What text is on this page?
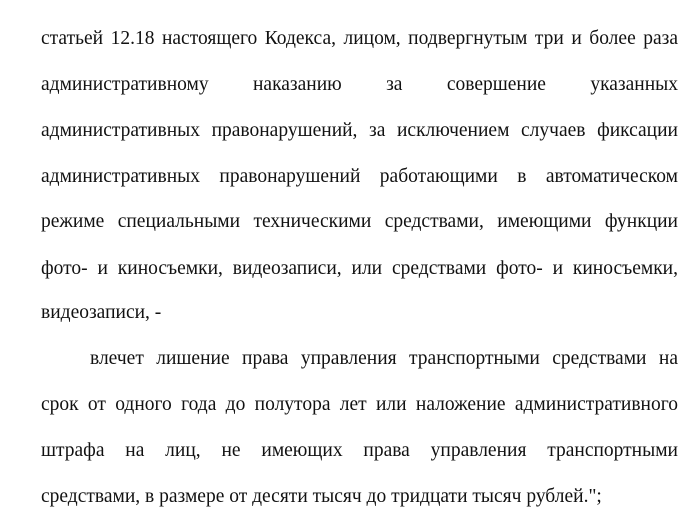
статьей 12.18 настоящего Кодекса, лицом, подвергнутым три и более раза
административному наказанию за совершение указанных
административных правонарушений, за исключением случаев фиксации
административных правонарушений работающими в автоматическом
режиме специальными техническими средствами, имеющими функции
фото- и киносъемки, видеозаписи, или средствами фото- и киносъемки,
видеозаписи, -
влечет лишение права управления транспортными средствами на
срок от одного года до полутора лет или наложение административного
штрафа на лиц, не имеющих права управления транспортными
средствами, в размере от десяти тысяч до тридцати тысяч рублей.";
